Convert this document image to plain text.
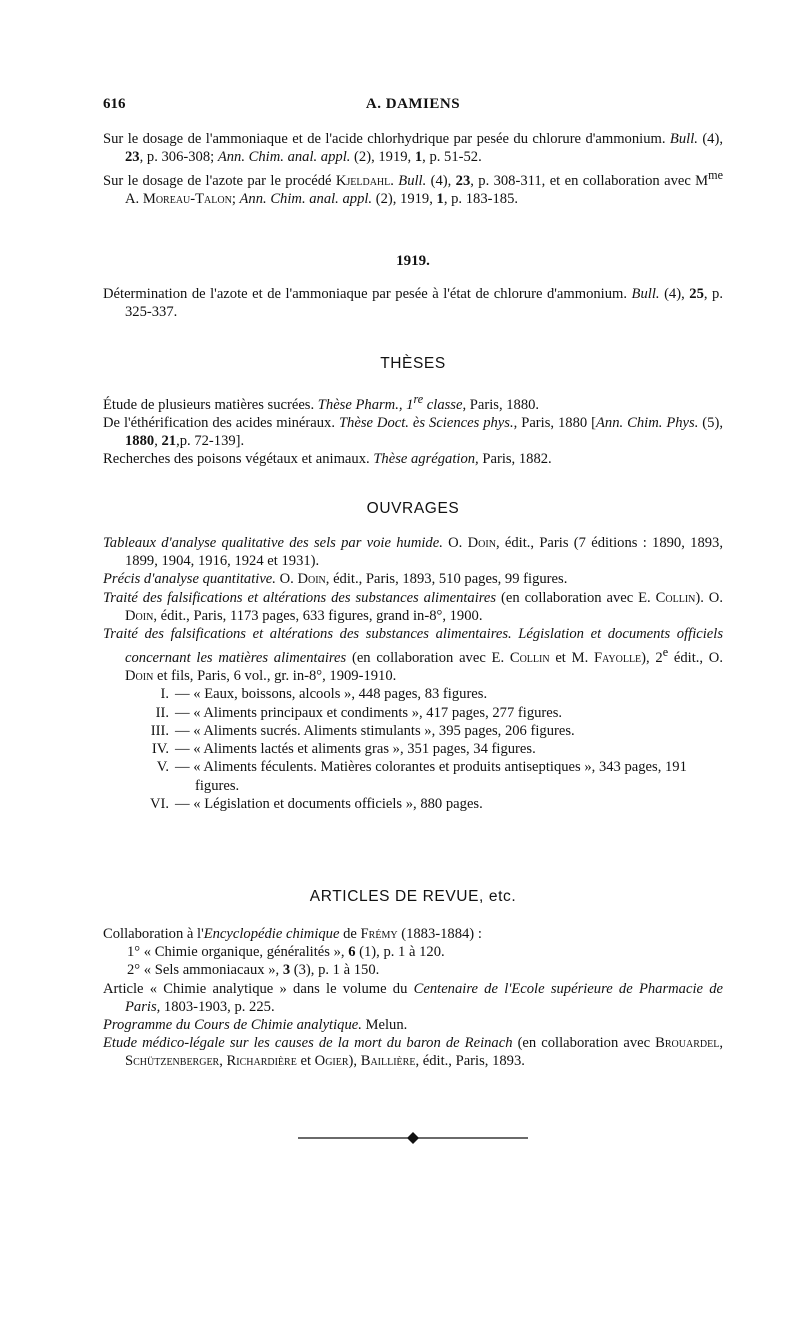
616	A. DAMIENS

Sur le dosage de l'ammoniaque et de l'acide chlorhydrique par pesée du chlorure d'ammonium. Bull. (4), 23, p. 306-308; Ann. Chim. anal. appl. (2), 1919, 1, p. 51-52.

Sur le dosage de l'azote par le procédé Kjeldahl. Bull. (4), 23, p. 308-311, et en collaboration avec $M^{me}$ A. Moreau-Talon; Ann. Chim. anal. appl. (2), 1919, 1, p. 183-185.

1919.

Détermination de l'azote et de l'ammoniaque par pesée à l'état de chlorure d'ammonium. Bull. (4), 25, p. 325-337.

THÈSES

Étude de plusieurs matières sucrées. Thèse Pharm., 1re classe, Paris, 1880.

De l'éthérification des acides minéraux. Thèse Doct. ès Sciences phys., Paris, 1880 [Ann. Chim. Phys. (5), 1880, 21,p. 72-139].

Recherches des poisons végétaux et animaux. Thèse agrégation, Paris, 1882.

OUVRAGES

Tableaux d'analyse qualitative des sels par voie humide. O. Doin, édit., Paris (7 éditions : 1890, 1893, 1899, 1904, 1916, 1924 et 1931).

Précis d'analyse quantitative. O. Doin, édit., Paris, 1893, 510 pages, 99 figures.

Traité des falsifications et altérations des substances alimentaires (en collaboration avec E. Collin). O. Doin, édit., Paris, 1173 pages, 633 figures, grand in-8°, 1900.

Traité des falsifications et altérations des substances alimentaires. Législation et documents officiels concernant les matières alimentaires (en collaboration avec E. Collin et M. Fayolle), 2e édit., O. Doin et fils, Paris, 6 vol., gr. in-8°, 1909-1910.

I. — « Eaux, boissons, alcools », 448 pages, 83 figures.

II. — « Aliments principaux et condiments », 417 pages, 277 figures.

III. — « Aliments sucrés. Aliments stimulants », 395 pages, 206 figures.

IV. — « Aliments lactés et aliments gras », 351 pages, 34 figures.

V. — « Aliments féculents. Matières colorantes et produits antiseptiques », 343 pages, 191 figures.

VI. — « Législation et documents officiels », 880 pages.

ARTICLES DE REVUE, etc.

Collaboration à l'Encyclopédie chimique de Frémy (1883-1884) :

1° « Chimie organique, généralités », 6 (1), p. 1 à 120.

2° « Sels ammoniacaux », 3 (3), p. 1 à 150.

Article « Chimie analytique » dans le volume du Centenaire de l'Ecole supérieure de Pharmacie de Paris, 1803-1903, p. 225.

Programme du Cours de Chimie analytique. Melun.

Etude médico-légale sur les causes de la mort du baron de Reinach (en collaboration avec Brouardel, Schützenberger, Richardière et Ogier), Baillière, édit., Paris, 1893.
